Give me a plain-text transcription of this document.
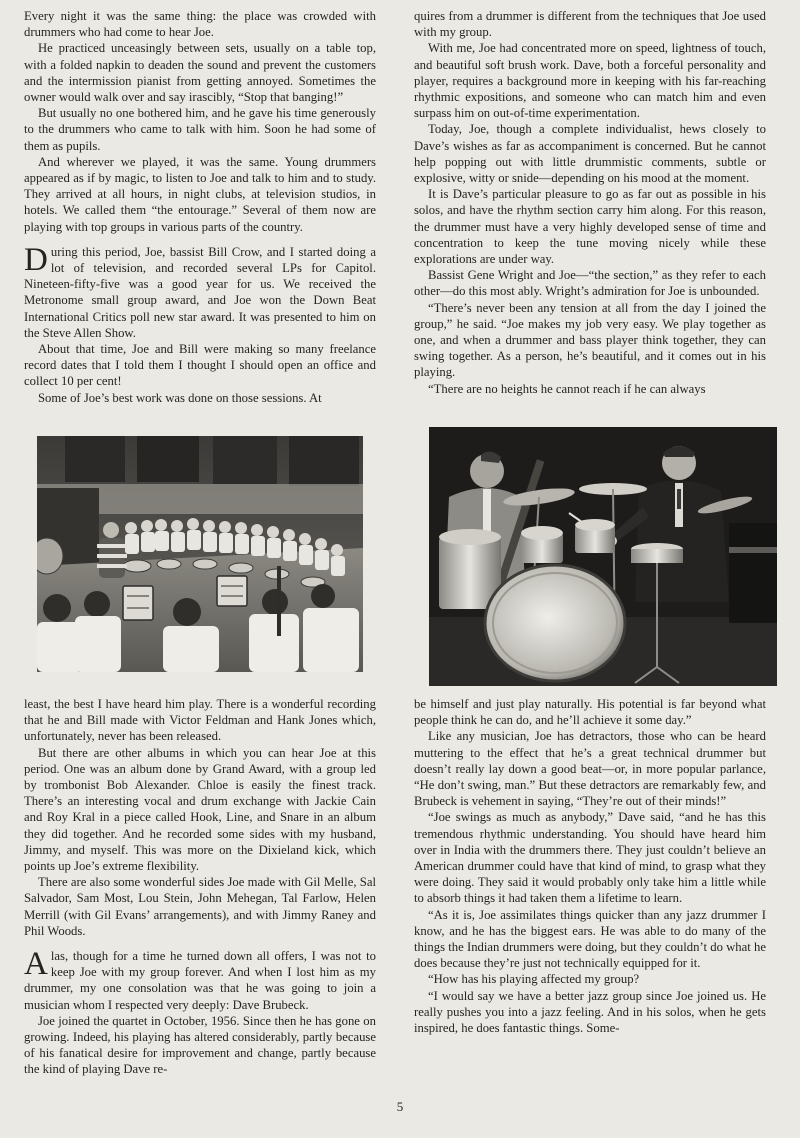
Every night it was the same thing: the place was crowded with drummers who had come to hear Joe.

He practiced unceasingly between sets, usually on a table top, with a folded napkin to deaden the sound and prevent the customers and the intermission pianist from getting annoyed. Sometimes the owner would walk over and say irascibly, “Stop that banging!”

But usually no one bothered him, and he gave his time generously to the drummers who came to talk with him. Soon he had some of them as pupils.

And wherever we played, it was the same. Young drummers appeared as if by magic, to listen to Joe and talk to him and to study. They arrived at all hours, in night clubs, at television studios, in hotels. We called them “the entourage.” Several of them now are playing with top groups in various parts of the country.

During this period, Joe, bassist Bill Crow, and I started doing a lot of television, and recorded several LPs for Capitol. Nineteen-fifty-five was a good year for us. We received the Metronome small group award, and Joe won the Down Beat International Critics poll new star award. It was presented to him on the Steve Allen Show.

About that time, Joe and Bill were making so many freelance record dates that I told them I thought I should open an office and collect 10 per cent!

Some of Joe’s best work was done on those sessions. At

quires from a drummer is different from the techniques that Joe used with my group.

With me, Joe had concentrated more on speed, lightness of touch, and beautiful soft brush work. Dave, both a forceful personality and player, requires a background more in keeping with his far-reaching rhythmic expositions, and someone who can match him and even surpass him on out-of-time experimentation.

Today, Joe, though a complete individualist, hews closely to Dave’s wishes as far as accompaniment is concerned. But he cannot help popping out with little drummistic comments, subtle or explosive, witty or snide—depending on his mood at the moment.

It is Dave’s particular pleasure to go as far out as possible in his solos, and have the rhythm section carry him along. For this reason, the drummer must have a very highly developed sense of time and concentration to keep the tune moving nicely while these explorations are under way.

Bassist Gene Wright and Joe—“the section,” as they refer to each other—do this most ably. Wright’s admiration for Joe is unbounded.

“There’s never been any tension at all from the day I joined the group,” he said. “Joe makes my job very easy. We play together as one, and when a drummer and bass player think together, they can swing together. As a person, he’s beautiful, and it comes out in his playing.

“There are no heights he cannot reach if he can always

least, the best I have heard him play. There is a wonderful recording that he and Bill made with Victor Feldman and Hank Jones which, unfortunately, never has been released.

But there are other albums in which you can hear Joe at this period. One was an album done by Grand Award, with a group led by trombonist Bob Alexander. Chloe is easily the finest track. There’s an interesting vocal and drum exchange with Jackie Cain and Roy Kral in a piece called Hook, Line, and Snare in an album they did together. And he recorded some sides with my husband, Jimmy, and myself. This was more on the Dixieland kick, which points up Joe’s extreme flexibility.

There are also some wonderful sides Joe made with Gil Melle, Sal Salvador, Sam Most, Lou Stein, John Mehegan, Tal Farlow, Helen Merrill (with Gil Evans’ arrangements), and with Jimmy Raney and Phil Woods.

Alas, though for a time he turned down all offers, I was not to keep Joe with my group forever. And when I lost him as my drummer, my one consolation was that he was going to join a musician whom I respected very deeply: Dave Brubeck.

Joe joined the quartet in October, 1956. Since then he has gone on growing. Indeed, his playing has altered considerably, partly because of his fanatical desire for improvement and change, partly because the kind of playing Dave re-

be himself and just play naturally. His potential is far beyond what people think he can do, and he’ll achieve it some day.”

Like any musician, Joe has detractors, those who can be heard muttering to the effect that he’s a great technical drummer but doesn’t really lay down a good beat—or, in more popular parlance, “He don’t swing, man.” But these detractors are remarkably few, and Brubeck is vehement in saying, “They’re out of their minds!”

“Joe swings as much as anybody,” Dave said, “and he has this tremendous rhythmic understanding. You should have heard him over in India with the drummers there. They just couldn’t believe an American drummer could have that kind of mind, to grasp what they were doing. They said it would probably only take him a little while to absorb things it had taken them a lifetime to learn.

“As it is, Joe assimilates things quicker than any jazz drummer I know, and he has the biggest ears. He was able to do many of the things the Indian drummers were doing, but they couldn’t do what he does because they’re just not technically equipped for it.

“How has his playing affected my group?

“I would say we have a better jazz group since Joe joined us. He really pushes you into a jazz feeling. And in his solos, when he gets inspired, he does fantastic things. Some-

5
